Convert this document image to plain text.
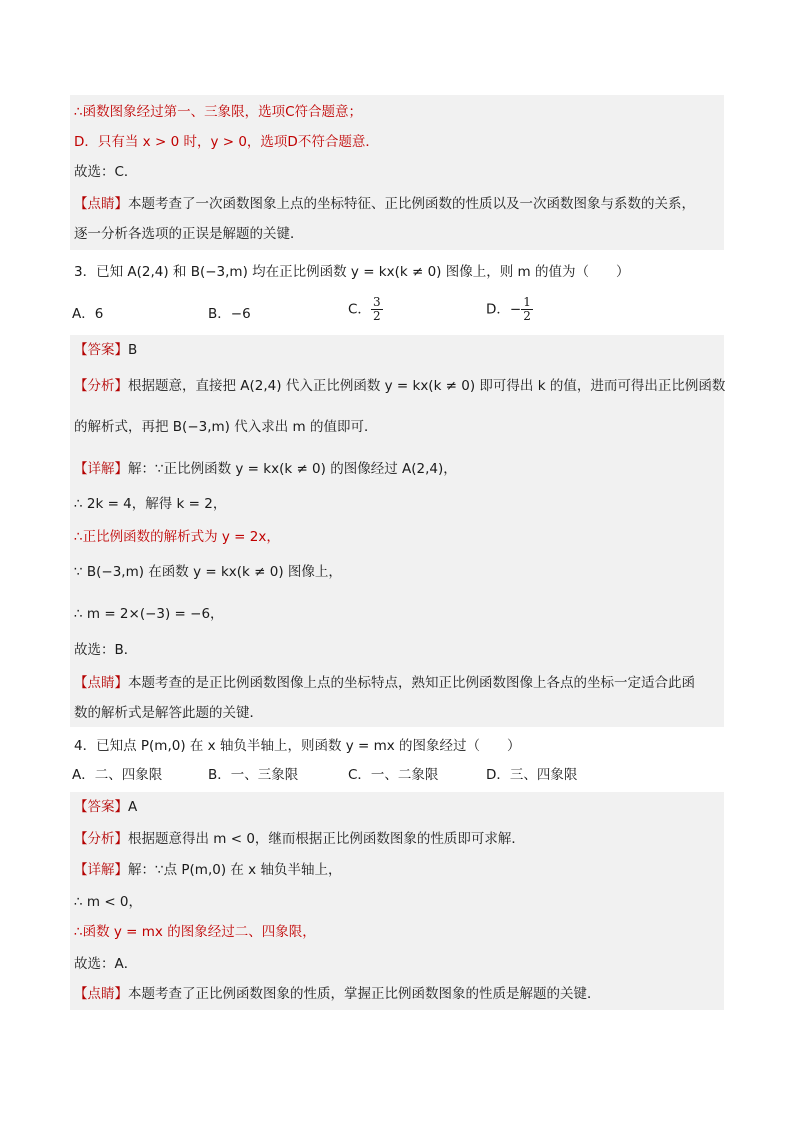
∴函数图象经过第一、三象限，选项C符合题意；
D．只有当 x > 0 时，y > 0，选项D不符合题意．
故选：C．
【点睛】本题考查了一次函数图象上点的坐标特征、正比例函数的性质以及一次函数图象与系数的关系，
逐一分析各选项的正误是解题的关键．
3．已知 A(2,4) 和 B(−3,m) 均在正比例函数 y = kx(k ≠ 0) 图像上，则 m 的值为（　　）
A．6	B．−6	C． $\frac{3}{2}$	D．− $\frac{1}{2}$
【答案】B
【分析】根据题意，直接把 A(2,4) 代入正比例函数 y = kx(k ≠ 0) 即可得出 k 的值，进而可得出正比例函数
的解析式，再把 B(−3,m) 代入求出 m 的值即可．
【详解】解：∵正比例函数 y = kx(k ≠ 0) 的图像经过 A(2,4)，
∴ 2k = 4，解得 k = 2，
∴正比例函数的解析式为 y = 2x，
∵ B(−3,m) 在函数 y = kx(k ≠ 0) 图像上，
∴ m = 2×(−3) = −6，
故选：B．
【点睛】本题考查的是正比例函数图像上点的坐标特点，熟知正比例函数图像上各点的坐标一定适合此函
数的解析式是解答此题的关键．
4．已知点 P(m,0) 在 x 轴负半轴上，则函数 y = mx 的图象经过（　　）
A．二、四象限	B．一、三象限	C．一、二象限	D．三、四象限
【答案】A
【分析】根据题意得出 m < 0，继而根据正比例函数图象的性质即可求解．
【详解】解：∵点 P(m,0) 在 x 轴负半轴上，
∴ m < 0，
∴函数 y = mx 的图象经过二、四象限，
故选：A．
【点睛】本题考查了正比例函数图象的性质，掌握正比例函数图象的性质是解题的关键．
